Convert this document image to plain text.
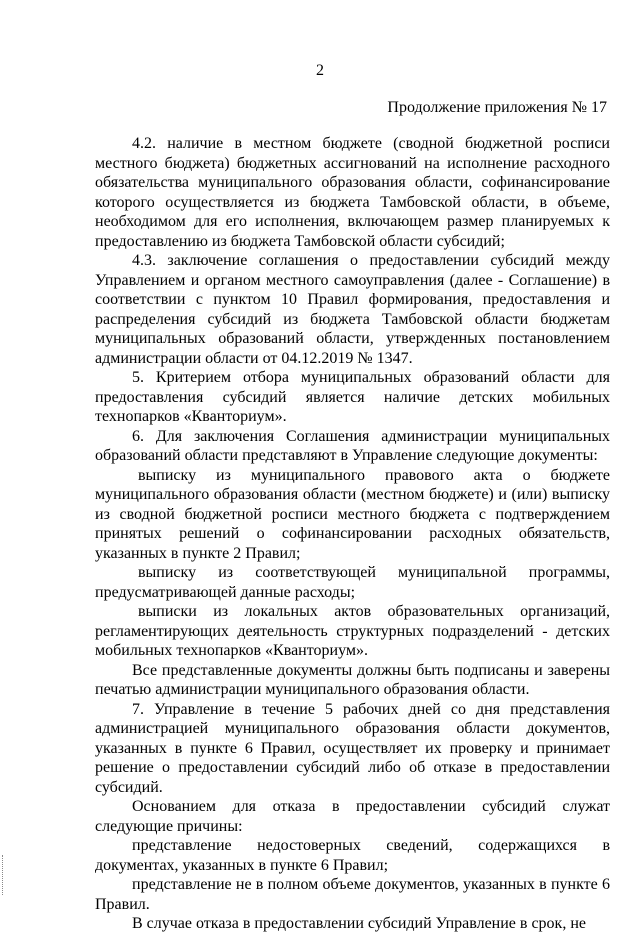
2
Продолжение приложения № 17

4.2. наличие в местном бюджете (сводной бюджетной росписи местного бюджета) бюджетных ассигнований на исполнение расходного обязательства муниципального образования области, софинансирование которого осуществляется из бюджета Тамбовской области, в объеме, необходимом для его исполнения, включающем размер планируемых к предоставлению из бюджета Тамбовской области субсидий;

4.3. заключение соглашения о предоставлении субсидий между Управлением и органом местного самоуправления (далее - Соглашение) в соответствии с пунктом 10 Правил формирования, предоставления и распределения субсидий из бюджета Тамбовской области бюджетам муниципальных образований области, утвержденных постановлением администрации области от 04.12.2019 № 1347.

5. Критерием отбора муниципальных образований области для предоставления субсидий является наличие детских мобильных технопарков «Кванториум».

6. Для заключения Соглашения администрации муниципальных образований области представляют в Управление следующие документы:

выписку из муниципального правового акта о бюджете муниципального образования области (местном бюджете) и (или) выписку из сводной бюджетной росписи местного бюджета с подтверждением принятых решений о софинансировании расходных обязательств, указанных в пункте 2 Правил;

выписку из соответствующей муниципальной программы, предусматривающей данные расходы;

выписки из локальных актов образовательных организаций, регламентирующих деятельность структурных подразделений - детских мобильных технопарков «Кванториум».

Все представленные документы должны быть подписаны и заверены печатью администрации муниципального образования области.

7. Управление в течение 5 рабочих дней со дня представления администрацией муниципального образования области документов, указанных в пункте 6 Правил, осуществляет их проверку и принимает решение о предоставлении субсидий либо об отказе в предоставлении субсидий.

Основанием для отказа в предоставлении субсидий служат следующие причины:

представление недостоверных сведений, содержащихся в документах, указанных в пункте 6 Правил;

представление не в полном объеме документов, указанных в пункте 6 Правил.

В случае отказа в предоставлении субсидий Управление в срок, не
